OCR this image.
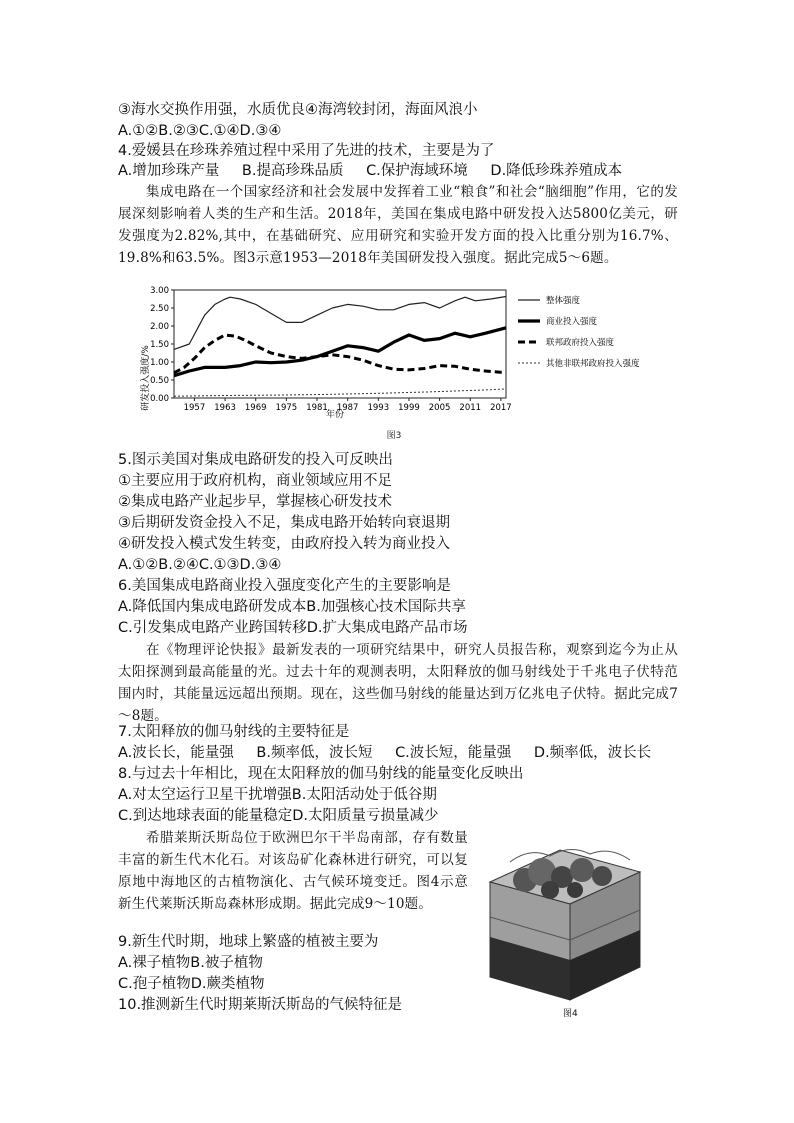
③海水交换作用强，水质优良④海湾较封闭，海面风浪小
A.①②B.②③C.①④D.③④
4.爱媛县在珍珠养殖过程中采用了先进的技术，主要是为了
A.增加珍珠产量 B.提高珍珠品质 C.保护海域环境 D.降低珍珠养殖成本
集成电路在一个国家经济和社会发展中发挥着工业“粮食”和社会“脑细胞”作用，它的发展深刻影响着人类的生产和生活。2018年，美国在集成电路中研发投入达5800亿美元，研发强度为2.82%,其中，在基础研究、应用研究和实验开发方面的投入比重分别为16.7%、19.8%和63.5%。图3示意1953—2018年美国研发投入强度。据此完成5～6题。
0.00
0.50
1.00
1.50
2.00
2.50
3.00
1957 1963 1969 1975 1981 1987 1993 1999 2005 2011 2017
整体强度
商业投入强度
联邦政府投入强度
其他非联邦政府投入强度
研发投入强度/%
年份
图3
5.图示美国对集成电路研发的投入可反映出
①主要应用于政府机构，商业领域应用不足
②集成电路产业起步早，掌握核心研发技术
③后期研发资金投入不足，集成电路开始转向衰退期
④研发投入模式发生转变，由政府投入转为商业投入
A.①②B.②④C.①③D.③④
6.美国集成电路商业投入强度变化产生的主要影响是
A.降低国内集成电路研发成本B.加强核心技术国际共享
C.引发集成电路产业跨国转移D.扩大集成电路产品市场
在《物理评论快报》最新发表的一项研究结果中，研究人员报告称，观察到迄今为止从太阳探测到最高能量的光。过去十年的观测表明，太阳释放的伽马射线处于千兆电子伏特范围内时，其能量远远超出预期。现在，这些伽马射线的能量达到万亿兆电子伏特。据此完成7～8题。
7.太阳释放的伽马射线的主要特征是
A.波长长，能量强 B.频率低，波长短 C.波长短，能量强 D.频率低，波长长
8.与过去十年相比，现在太阳释放的伽马射线的能量变化反映出
A.对太空运行卫星干扰增强B.太阳活动处于低谷期
C.到达地球表面的能量稳定D.太阳质量亏损量减少
希腊莱斯沃斯岛位于欧洲巴尔干半岛南部，存有数量丰富的新生代木化石。对该岛矿化森林进行研究，可以复原地中海地区的古植物演化、古气候环境变迁。图4示意新生代莱斯沃斯岛森林形成期。据此完成9～10题。
9.新生代时期，地球上繁盛的植被主要为
A.裸子植物B.被子植物
C.孢子植物D.蕨类植物
10.推测新生代时期莱斯沃斯岛的气候特征是
图4
